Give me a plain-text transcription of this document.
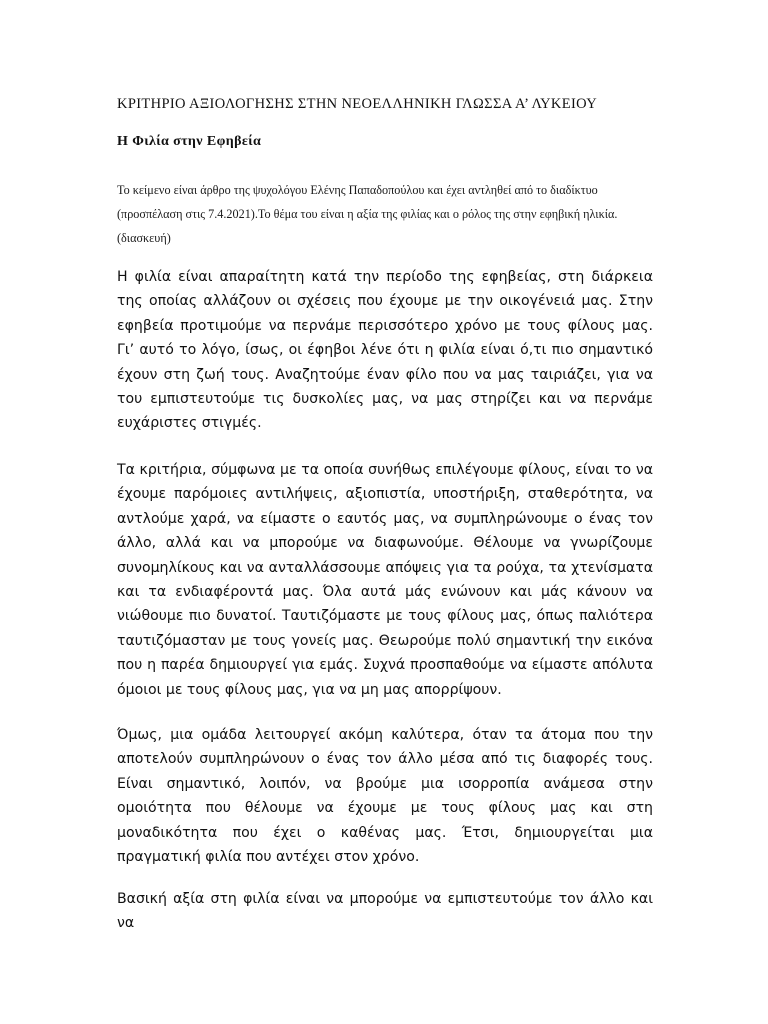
ΚΡΙΤΗΡΙΟ ΑΞΙΟΛΟΓΗΣΗΣ ΣΤΗΝ ΝΕΟΕΛΛΗΝΙΚΗ ΓΛΩΣΣΑ Α’ ΛΥΚΕΙΟΥ
Η Φιλία στην Εφηβεία

Το κείμενο είναι άρθρο της ψυχολόγου Ελένης Παπαδοπούλου και έχει αντληθεί από το διαδίκτυο
(προσπέλαση στις 7.4.2021).Το θέμα του είναι η αξία της φιλίας και ο ρόλος της στην εφηβική ηλικία.
(διασκευή)

Η φιλία είναι απαραίτητη κατά την περίοδο της εφηβείας, στη διάρκεια της οποίας αλλάζουν οι σχέσεις που έχουμε με την οικογένειά μας. Στην εφηβεία προτιμούμε να περνάμε περισσότερο χρόνο με τους φίλους μας. Γι’ αυτό το λόγο, ίσως, οι έφηβοι λένε ότι η φιλία είναι ό,τι πιο σημαντικό έχουν στη ζωή τους. Αναζητούμε έναν φίλο που να μας ταιριάζει, για να του εμπιστευτούμε τις δυσκολίες μας, να μας στηρίζει και να περνάμε ευχάριστες στιγμές.

Τα κριτήρια, σύμφωνα με τα οποία συνήθως επιλέγουμε φίλους, είναι το να έχουμε παρόμοιες αντιλήψεις, αξιοπιστία, υποστήριξη, σταθερότητα, να αντλούμε χαρά, να είμαστε ο εαυτός μας, να συμπληρώνουμε ο ένας τον άλλο, αλλά και να μπορούμε να διαφωνούμε. Θέλουμε να γνωρίζουμε συνομηλίκους και να ανταλλάσσουμε απόψεις για τα ρούχα, τα χτενίσματα και τα ενδιαφέροντά μας. Όλα αυτά μάς ενώνουν και μάς κάνουν να νιώθουμε πιο δυνατοί. Ταυτιζόμαστε με τους φίλους μας, όπως παλιότερα ταυτιζόμασταν με τους γονείς μας. Θεωρούμε πολύ σημαντική την εικόνα που η παρέα δημιουργεί για εμάς. Συχνά προσπαθούμε να είμαστε απόλυτα όμοιοι με τους φίλους μας, για να μη μας απορρίψουν.

Όμως, μια ομάδα λειτουργεί ακόμη καλύτερα, όταν τα άτομα που την αποτελούν συμπληρώνουν ο ένας τον άλλο μέσα από τις διαφορές τους. Είναι σημαντικό, λοιπόν, να βρούμε μια ισορροπία ανάμεσα στην ομοιότητα που θέλουμε να έχουμε με τους φίλους μας και στη μοναδικότητα που έχει ο καθένας μας. Έτσι, δημιουργείται μια πραγματική φιλία που αντέχει στον χρόνο.

Βασική αξία στη φιλία είναι να μπορούμε να εμπιστευτούμε τον άλλο και να
